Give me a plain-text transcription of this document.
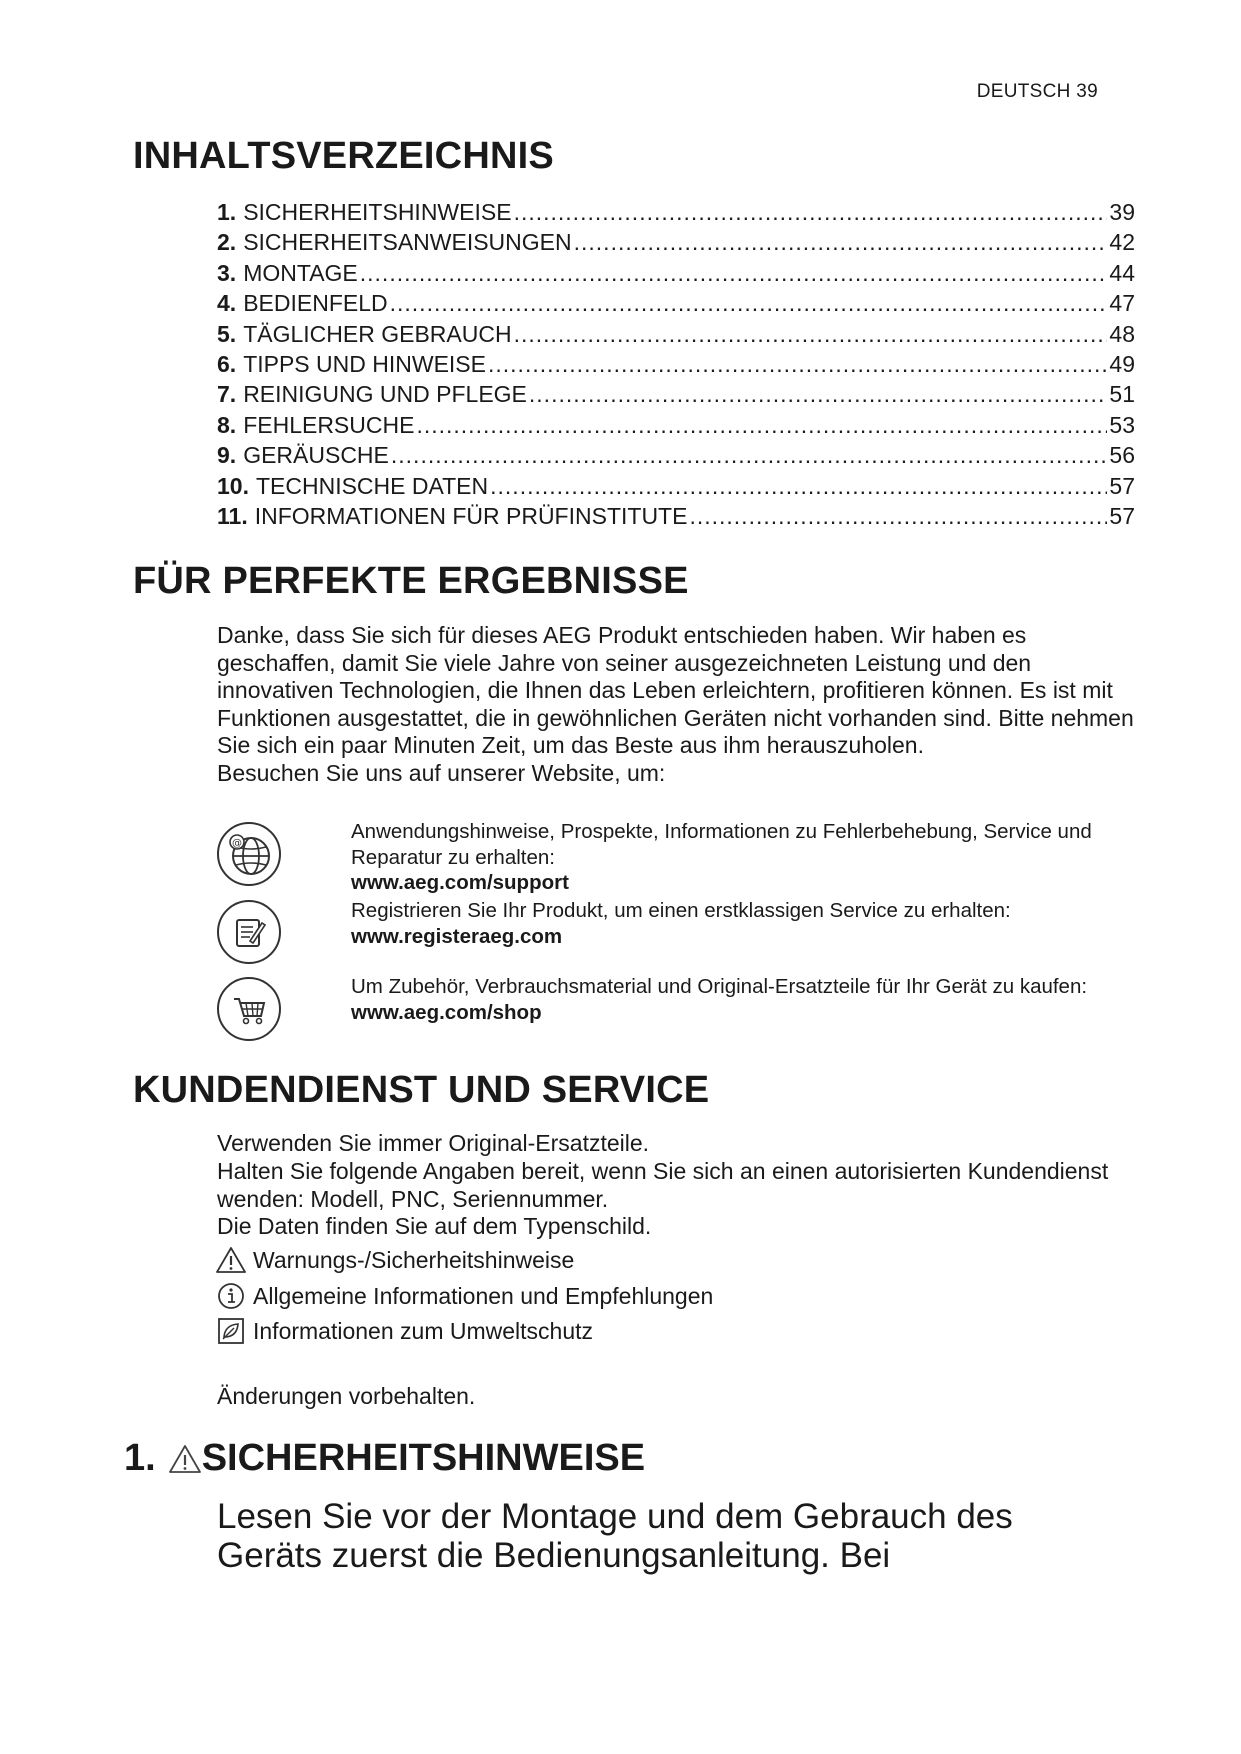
DEUTSCH 39
INHALTSVERZEICHNIS
1. SICHERHEITSHINWEISE .....	39
2. SICHERHEITSANWEISUNGEN .....	42
3. MONTAGE .....	44
4. BEDIENFELD .....	47
5. TÄGLICHER GEBRAUCH .....	48
6. TIPPS UND HINWEISE .....	49
7. REINIGUNG UND PFLEGE .....	51
8. FEHLERSUCHE .....	53
9. GERÄUSCHE .....	56
10. TECHNISCHE DATEN .....	57
11. INFORMATIONEN FÜR PRÜFINSTITUTE .....	57
FÜR PERFEKTE ERGEBNISSE

Danke, dass Sie sich für dieses AEG Produkt entschieden haben. Wir haben es geschaffen, damit Sie viele Jahre von seiner ausgezeichneten Leistung und den innovativen Technologien, die Ihnen das Leben erleichtern, profitieren können. Es ist mit Funktionen ausgestattet, die in gewöhnlichen Geräten nicht vorhanden sind. Bitte nehmen Sie sich ein paar Minuten Zeit, um das Beste aus ihm herauszuholen.

Besuchen Sie uns auf unserer Website, um:

@
Anwendungshinweise, Prospekte, Informationen zu Fehlerbehebung, Service und Reparatur zu erhalten:
www.aeg.com/support
Registrieren Sie Ihr Produkt, um einen erstklassigen Service zu erhalten:
www.registeraeg.com
Um Zubehör, Verbrauchsmaterial und Original-Ersatzteile für Ihr Gerät zu kaufen:
www.aeg.com/shop
KUNDENDIENST UND SERVICE

Verwenden Sie immer Original-Ersatzteile.

Halten Sie folgende Angaben bereit, wenn Sie sich an einen autorisierten Kundendienst wenden: Modell, PNC, Seriennummer.

Die Daten finden Sie auf dem Typenschild.

Warnungs-/Sicherheitshinweise
Allgemeine Informationen und Empfehlungen
Informationen zum Umweltschutz
Änderungen vorbehalten.
1. SICHERHEITSHINWEISE
Lesen Sie vor der Montage und dem Gebrauch des Geräts zuerst die Bedienungsanleitung. Bei
